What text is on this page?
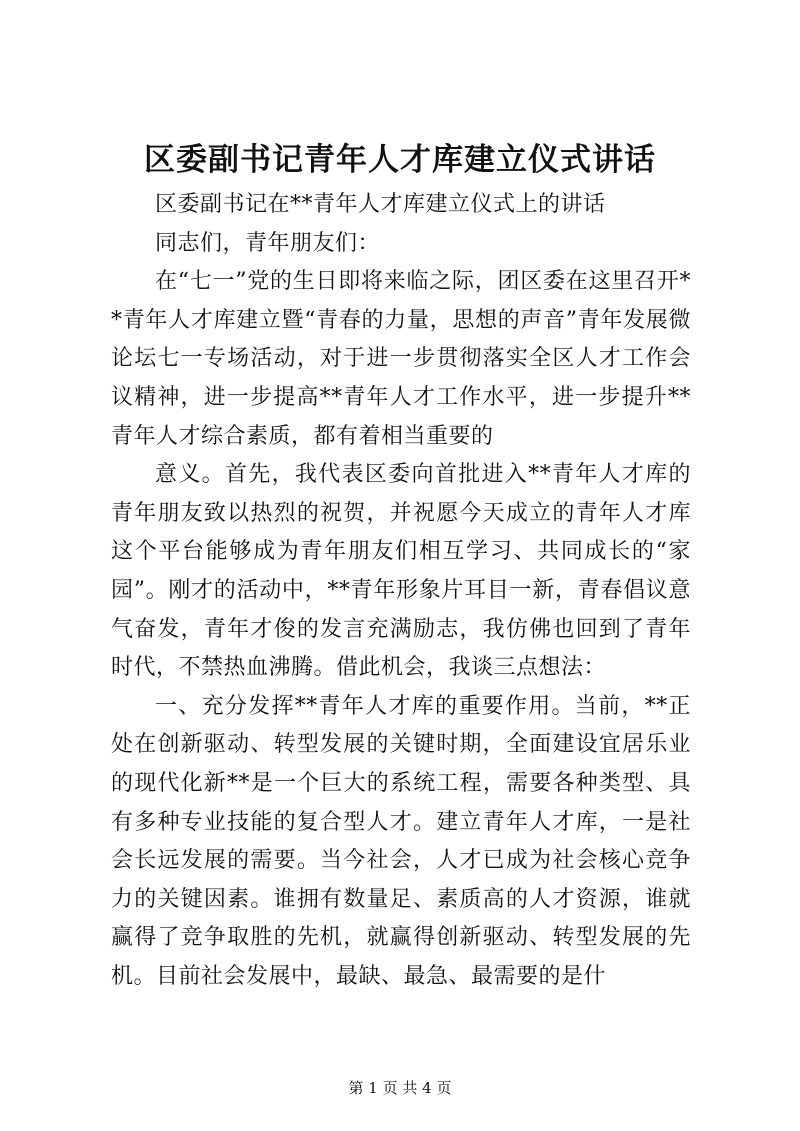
区委副书记青年人才库建立仪式讲话

区委副书记在**青年人才库建立仪式上的讲话

同志们，青年朋友们：

在“七一”党的生日即将来临之际，团区委在这里召开**青年人才库建立暨“青春的力量，思想的声音”青年发展微论坛七一专场活动，对于进一步贯彻落实全区人才工作会议精神，进一步提高**青年人才工作水平，进一步提升**青年人才综合素质，都有着相当重要的

意义。首先，我代表区委向首批进入**青年人才库的青年朋友致以热烈的祝贺，并祝愿今天成立的青年人才库这个平台能够成为青年朋友们相互学习、共同成长的“家园”。刚才的活动中，**青年形象片耳目一新，青春倡议意气奋发，青年才俊的发言充满励志，我仿佛也回到了青年时代，不禁热血沸腾。借此机会，我谈三点想法：

一、充分发挥**青年人才库的重要作用。当前，**正处在创新驱动、转型发展的关键时期，全面建设宜居乐业的现代化新**是一个巨大的系统工程，需要各种类型、具有多种专业技能的复合型人才。建立青年人才库，一是社会长远发展的需要。当今社会，人才已成为社会核心竞争力的关键因素。谁拥有数量足、素质高的人才资源，谁就赢得了竞争取胜的先机，就赢得创新驱动、转型发展的先机。目前社会发展中，最缺、最急、最需要的是什

第 1 页 共 4 页
